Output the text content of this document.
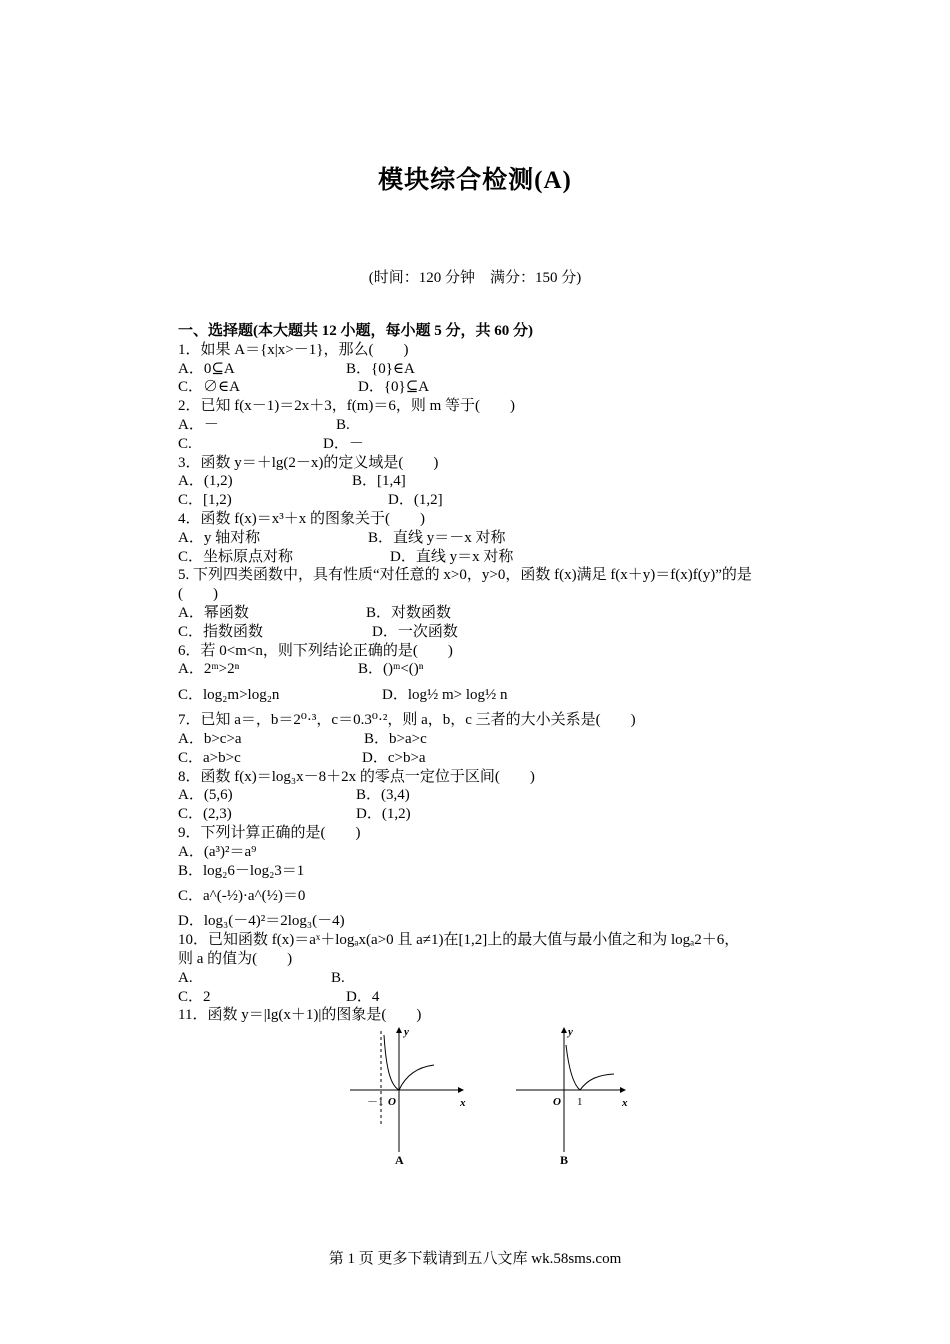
模块综合检测(A)
(时间：120 分钟　满分：150 分)
一、选择题(本大题共 12 小题，每小题 5 分，共 60 分)
1．如果 A＝{x|x>－1}，那么(　　)
A．0⊆A	B．{0}∈A
C．∅∈A	D．{0}⊆A
2．已知 f(x－1)＝2x＋3，f(m)＝6，则 m 等于(　　)
A．－	B.
C.	D．－
3．函数 y＝＋lg(2－x)的定义域是(　　)
A．(1,2)	B．[1,4]
C．[1,2)	D．(1,2]
4．函数 f(x)＝x³＋x 的图象关于(　　)
A．y 轴对称	B．直线 y＝－x 对称
C．坐标原点对称	D．直线 y＝x 对称
5. 下列四类函数中，具有性质“对任意的 x>0，y>0，函数 f(x)满足 f(x＋y)＝f(x)f(y)”的是
(　　)
A．幂函数	B．对数函数
C．指数函数	D．一次函数
6．若 0<m<n，则下列结论正确的是(　　)
A．2ᵐ>2ⁿ	B．()ᵐ<()ⁿ
C．log₂m>log₂n	D．log½ m> log½ n
7．已知 a＝，b＝2⁰·³，c＝0.3⁰·²，则 a，b，c 三者的大小关系是(　　)
A．b>c>a	B．b>a>c
C．a>b>c	D．c>b>a
8．函数 f(x)＝log₃x－8＋2x 的零点一定位于区间(　　)
A．(5,6)	B．(3,4)
C．(2,3)	D．(1,2)
9．下列计算正确的是(　　)
A．(a³)²＝a⁹
B．log₂6－log₂3＝1
C．a^(-½)·a^(½)＝0
D．log₃(－4)²＝2log₃(－4)
10．已知函数 f(x)＝aˣ＋logₐx(a>0 且 a≠1)在[1,2]上的最大值与最小值之和为 logₐ2＋6，
则 a 的值为(　　)
A.	B.
C．2	D．4
11．函数 y＝|lg(x＋1)|的图象是(　　)
y
x
O
－1
A
y
x
O 1
B
第 1 页 更多下载请到五八文库 wk.58sms.com
